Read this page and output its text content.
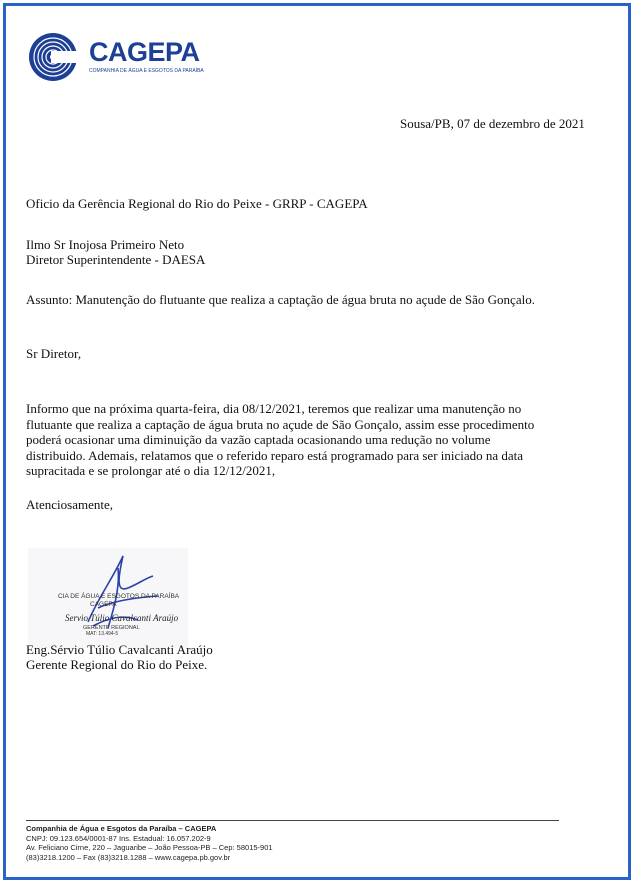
CAGEPA
COMPANHIA DE ÁGUA E ESGOTOS DA PARAÍBA
Sousa/PB, 07 de dezembro de 2021
Oficio da Gerência Regional do Rio do Peixe - GRRP - CAGEPA
Ilmo Sr Inojosa Primeiro Neto
Diretor Superintendente - DAESA
Assunto: Manutenção do flutuante que realiza a captação de água bruta no açude de São Gonçalo.
Sr Diretor,
Informo que na próxima quarta-feira, dia 08/12/2021, teremos que realizar uma manutenção no
flutuante que realiza a captação de água bruta no açude de São Gonçalo, assim esse procedimento
poderá ocasionar uma diminuição da vazão captada ocasionando uma redução no volume
distribuido. Ademais, relatamos que o referido reparo está programado para ser iniciado na data
supracitada e se prolongar até o dia 12/12/2021,
Atenciosamente,
CIA DE ÁGUA E ESGOTOS DA PARAÍBA
CAGEPA
Servio Túlio Cavalcanti Araújo
GERENTE REGIONAL
MAT: 13.494-5
Eng.Sérvio Túlio Cavalcanti Araújo
Gerente Regional do Rio do Peixe.
Companhia de Água e Esgotos da Paraíba – CAGEPA
CNPJ: 09.123.654/0001-87 Ins. Estadual: 16.057.202-9
Av. Feliciano Cirne, 220 – Jaguaribe – João Pessoa-PB – Cep: 58015-901
(83)3218.1200 – Fax (83)3218.1288 – www.cagepa.pb.gov.br
